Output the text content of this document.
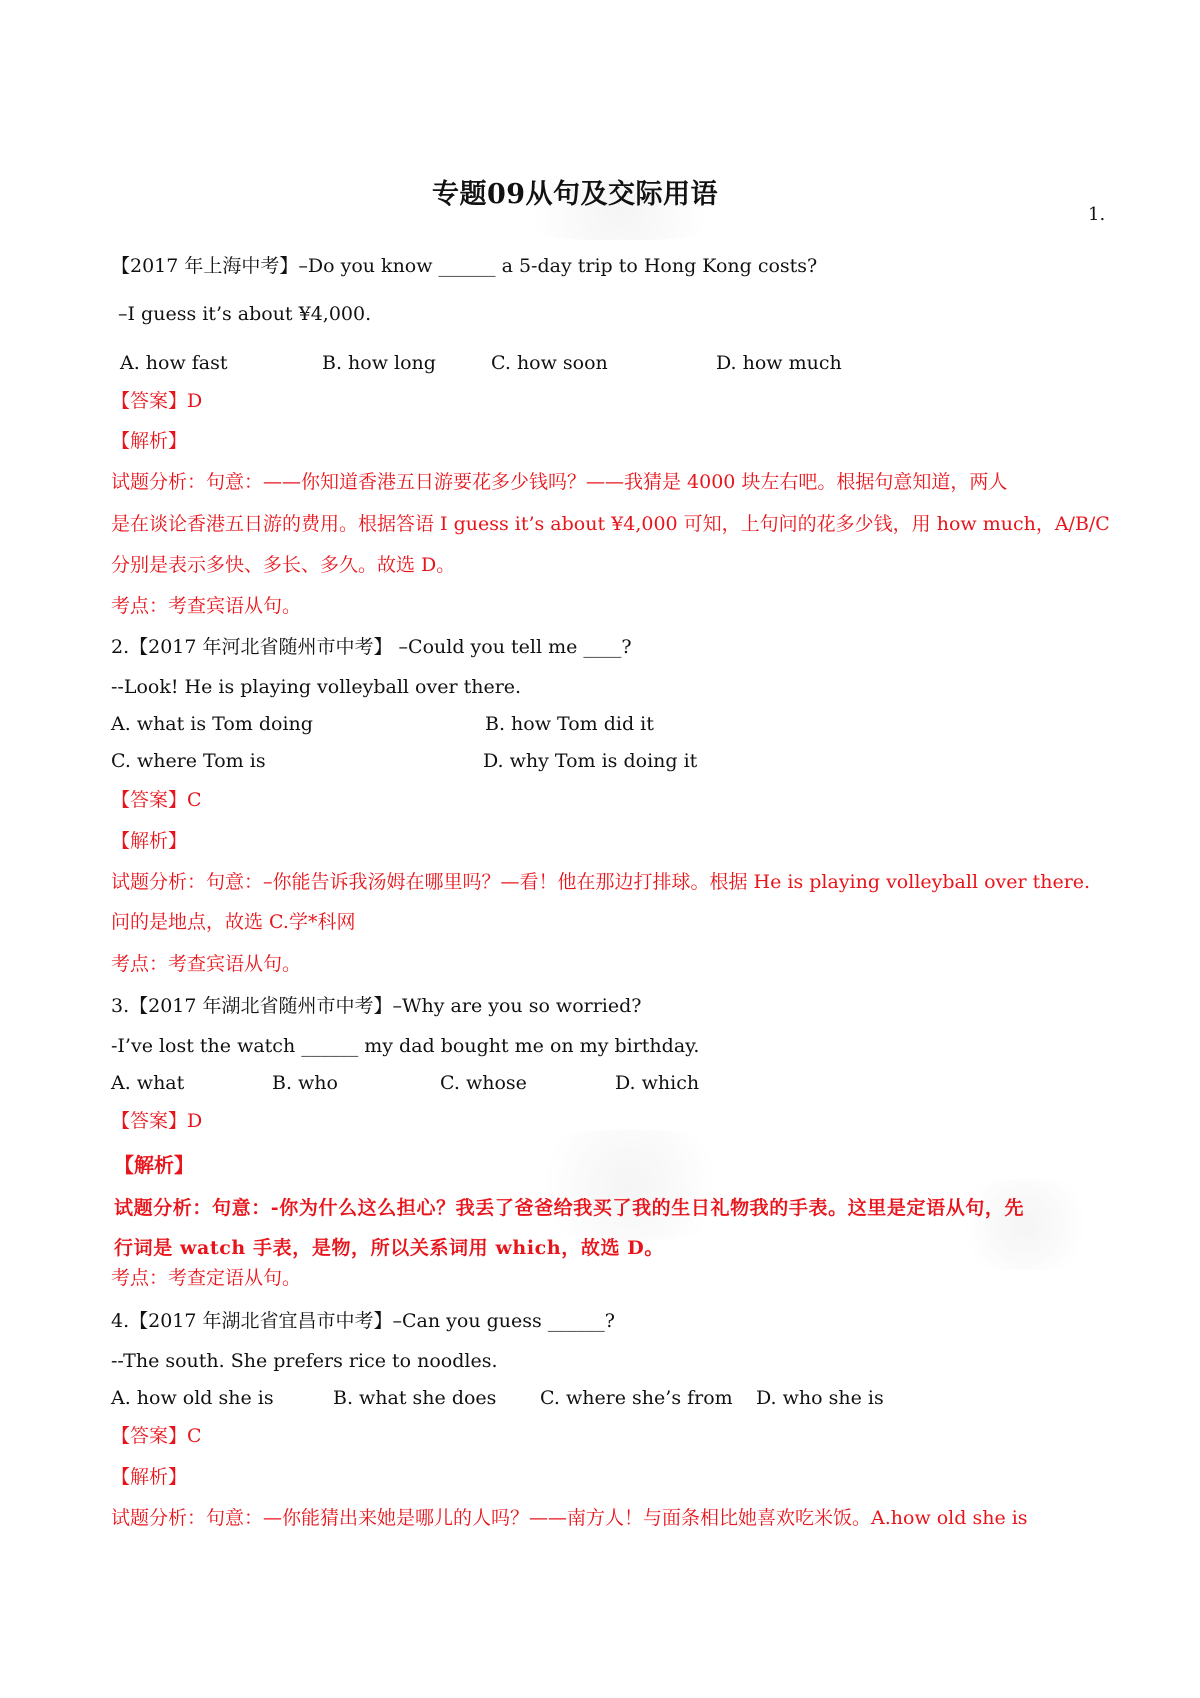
专题09从句及交际用语
1.
【2017 年上海中考】–Do you know ______ a 5-day trip to Hong Kong costs?
–I guess it’s about ¥4,000.
A. how fast	B. how long	C. how soon	D. how much
【答案】D
【解析】
试题分析：句意：——你知道香港五日游要花多少钱吗？——我猜是 4000 块左右吧。根据句意知道，两人
是在谈论香港五日游的费用。根据答语 I guess it’s about ¥4,000 可知，上句问的花多少钱，用 how much，A/B/C
分别是表示多快、多长、多久。故选 D。
考点：考查宾语从句。
2.【2017 年河北省随州市中考】 –Could you tell me ____?
--Look! He is playing volleyball over there.
A. what is Tom doing	B. how Tom did it
C. where Tom is	D. why Tom is doing it
【答案】C
【解析】
试题分析：句意：–你能告诉我汤姆在哪里吗？—看！他在那边打排球。根据 He is playing volleyball over there.
问的是地点，故选 C.学*科网
考点：考查宾语从句。
3.【2017 年湖北省随州市中考】–Why are you so worried?
-I’ve lost the watch ______ my dad bought me on my birthday.
A. what	B. who	C. whose	D. which
【答案】D
【解析】
试题分析：句意：-你为什么这么担心？我丢了爸爸给我买了我的生日礼物我的手表。这里是定语从句，先
行词是 watch 手表，是物，所以关系词用 which，故选 D。
考点：考查定语从句。
4.【2017 年湖北省宜昌市中考】–Can you guess ______?
--The south. She prefers rice to noodles.
A. how old she is	B. what she does C. where she’s from D. who she is
【答案】C
【解析】
试题分析：句意：—你能猜出来她是哪儿的人吗？——南方人！与面条相比她喜欢吃米饭。A.how old she is
